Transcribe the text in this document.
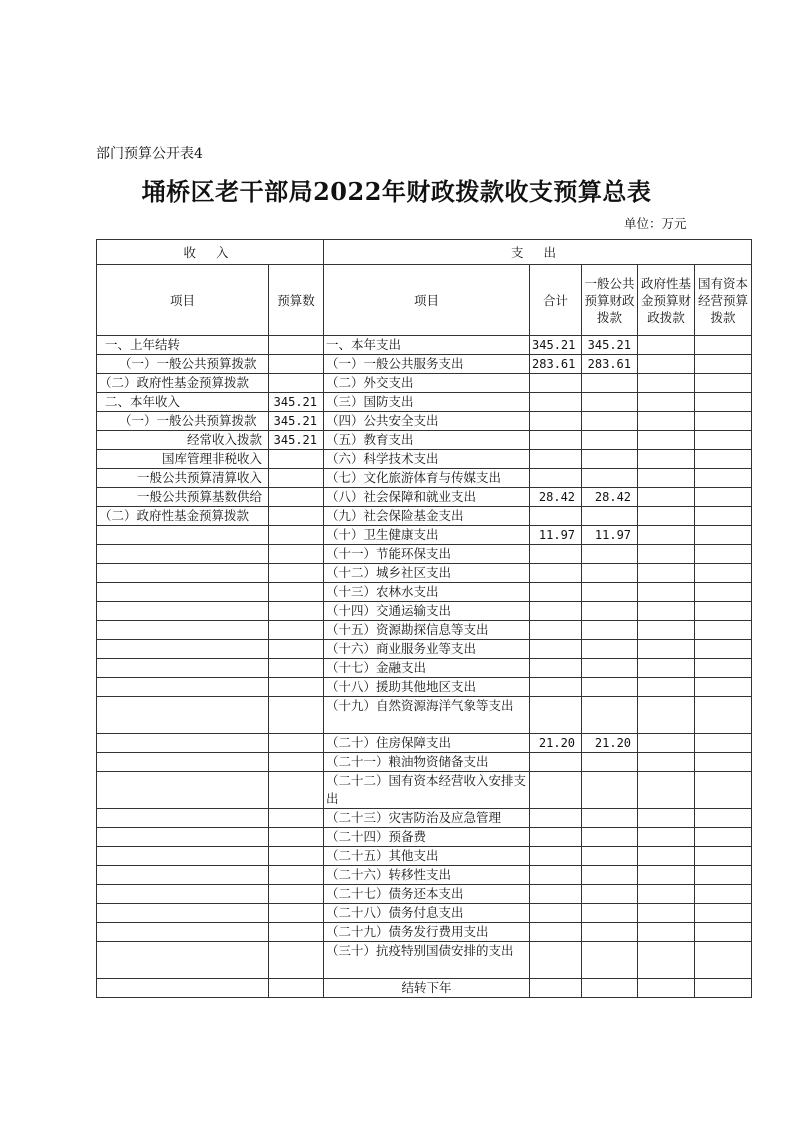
部门预算公开表4
埇桥区老干部局2022年财政拨款收支预算总表
单位：万元
收 入		支 出				
项目	预算数	项目	合计	一般公共预算财政拨款	政府性基金预算财政拨款	国有资本经营预算拨款
一、上年结转		一、本年支出	345.21	345.21		
（一）一般公共预算拨款		（一）一般公共服务支出	283.61	283.61		
（二）政府性基金预算拨款		（二）外交支出				
二、本年收入	345.21	（三）国防支出				
（一）一般公共预算拨款	345.21	（四）公共安全支出				
经常收入拨款	345.21	（五）教育支出				
国库管理非税收入		（六）科学技术支出				
一般公共预算清算收入		（七）文化旅游体育与传媒支出				
一般公共预算基数供给		（八）社会保障和就业支出	28.42	28.42		
（二）政府性基金预算拨款		（九）社会保险基金支出				
		（十）卫生健康支出	11.97	11.97		
		（十一）节能环保支出				
		（十二）城乡社区支出				
		（十三）农林水支出				
		（十四）交通运输支出				
		（十五）资源勘探信息等支出				
		（十六）商业服务业等支出				
		（十七）金融支出				
		（十八）援助其他地区支出				
		（十九）自然资源海洋气象等支出				
		（二十）住房保障支出	21.20	21.20		
		（二十一）粮油物资储备支出				
		（二十二）国有资本经营收入安排支出				
		（二十三）灾害防治及应急管理				
		（二十四）预备费				
		（二十五）其他支出				
		（二十六）转移性支出				
		（二十七）债务还本支出				
		（二十八）债务付息支出				
		（二十九）债务发行费用支出				
		（三十）抗疫特别国债安排的支出				
		结转下年				
